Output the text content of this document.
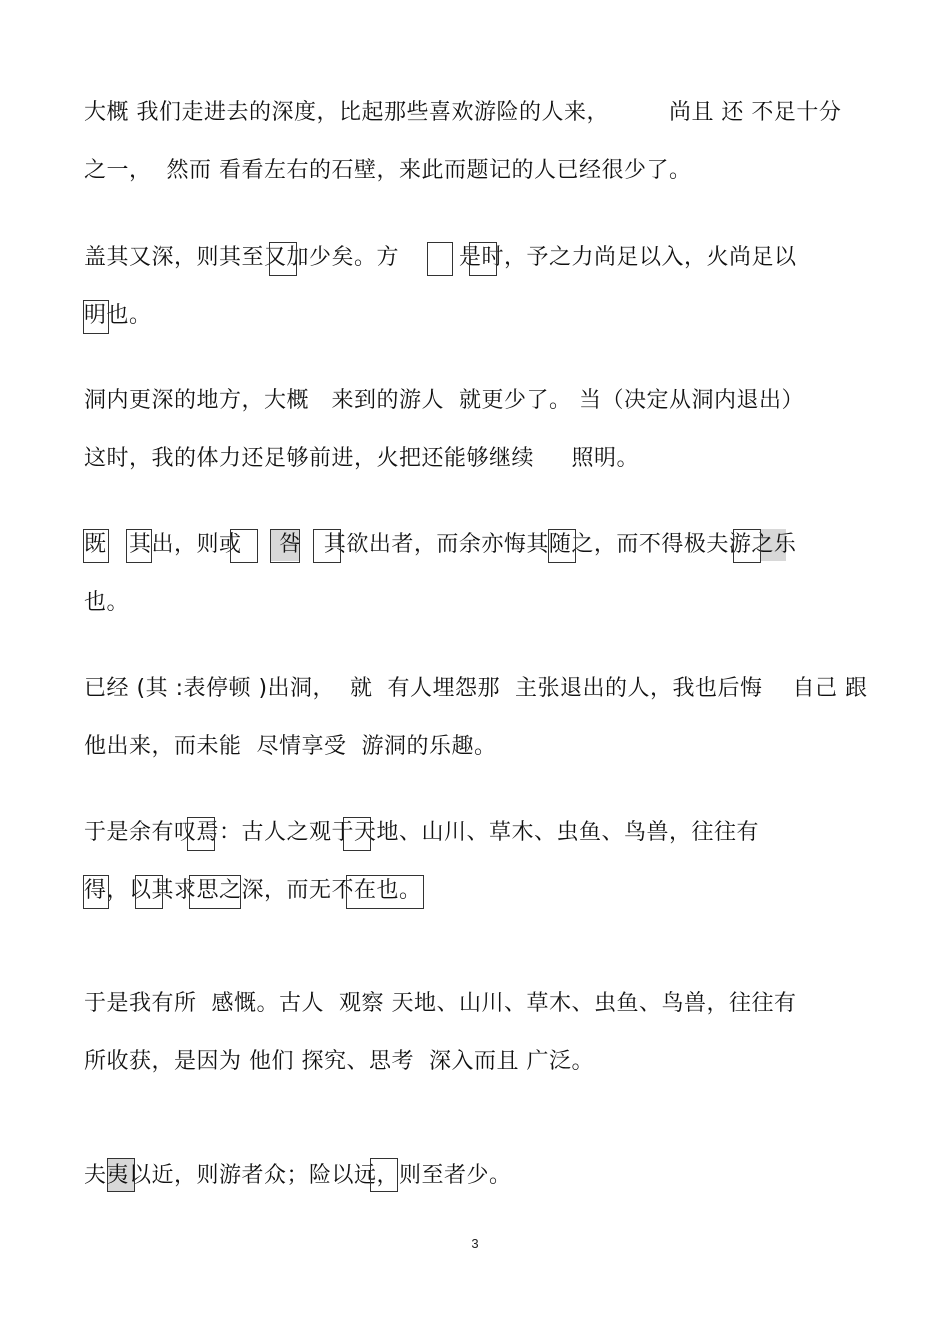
大概 我们走进去的深度，比起那些喜欢游险的人来，        尚且 还 不足十分

之一，  然而 看看左右的石壁，来此而题记的人已经很少了。

盖其又深，则其至又加少矣。方        是时，予之力尚足以入，火尚足以

明也。

洞内更深的地方，大概   来到的游人  就更少了。 当（决定从洞内退出）

这时，我的体力还足够前进，火把还能够继续     照明。

既   其出，则或     咎   其欲出者，而余亦悔其随之，而不得极夫游之乐

也。

已经 (其 :表停顿 )出洞，  就  有人埋怨那  主张退出的人，我也后悔    自己 跟

他出来，而未能  尽情享受  游洞的乐趣。

于是余有叹焉：古人之观于天地、山川、草木、虫鱼、鸟兽，往往有

得，以其求思之深，而无不在也。

于是我有所  感慨。古人  观察 天地、山川、草木、虫鱼、鸟兽，往往有

所收获，是因为 他们 探究、思考  深入而且 广泛。

夫夷以近，则游者众；险以远，则至者少。

3
